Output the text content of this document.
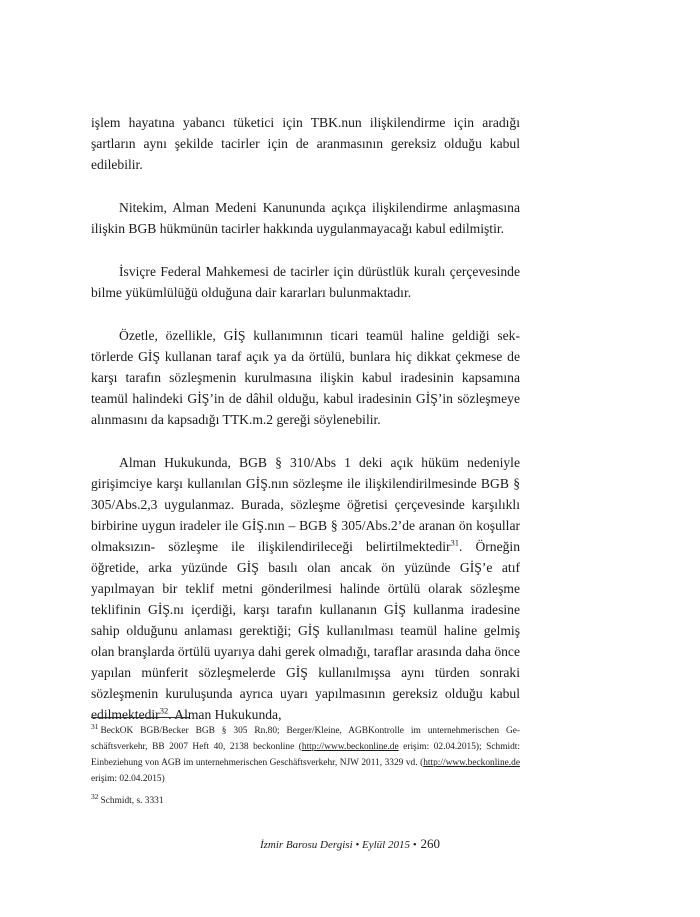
işlem hayatına yabancı tüketici için TBK.nun ilişkilendirme için aradığı şartların aynı şekilde tacirler için de aranmasının gereksiz olduğu kabul edilebilir.

Nitekim, Alman Medeni Kanununda açıkça ilişkilendirme anlaşmasına ilişkin BGB hükmünün tacirler hakkında uygulanmayacağı kabul edilmiştir.

İsviçre Federal Mahkemesi de tacirler için dürüstlük kuralı çerçevesinde bilme yükümlülüğü olduğuna dair kararları bulunmaktadır.

Özetle, özellikle, GİŞ kullanımının ticari teamül haline geldiği sektörlerde GİŞ kullanan taraf açık ya da örtülü, bunlara hiç dikkat çekmese de karşı tarafın sözleşmenin kurulmasına ilişkin kabul iradesinin kapsamına teamül halindeki GİŞ’in de dâhil olduğu, kabul iradesinin GİŞ’in sözleşmeye alınmasını da kapsadığı TTK.m.2 gereği söylenebilir.

Alman Hukukunda, BGB § 310/Abs 1 deki açık hüküm nedeniyle girişimciye karşı kullanılan GİŞ.nın sözleşme ile ilişkilendirilmesinde BGB § 305/Abs.2,3 uygulanmaz. Burada, sözleşme öğretisi çerçevesinde karşılıklı birbirine uygun iradeler ile GİŞ.nın – BGB § 305/Abs.2’de aranan ön koşullar olmaksızın- sözleşme ile ilişkilendirileceği belirtilmektedir$^{31}$. Örneğin öğretide, arka yüzünde GİŞ basılı olan ancak ön yüzünde GİŞ’e atıf yapılmayan bir teklif metni gönderilmesi halinde örtülü olarak sözleşme teklifinin GİŞ.nı içerdiği, karşı tarafın kullananın GİŞ kullanma iradesine sahip olduğunu anlaması gerektiği; GİŞ kullanılması teamül haline gelmiş olan branşlarda örtülü uyarıya dahi gerek olmadığı, taraflar arasında daha önce yapılan münferit sözleşmelerde GİŞ kullanılmışsa aynı türden sonraki sözleşmenin kuruluşunda ayrıca uyarı yapılmasının gereksiz olduğu kabul edilmektedir$^{32}$. Alman Hukukunda,

$^{31}$ BeckOK BGB/Becker BGB § 305 Rn.80; Berger/Kleine, AGBKontrolle im unternehmerischen Geschäftsverkehr, BB 2007 Heft 40, 2138 beckonline (http://www.beckonline.de erişim: 02.04.2015); Schmidt: Einbeziehung von AGB im unternehmerischen Geschäftsverkehr, NJW 2011, 3329 vd. (http://www.beckonline.de erişim: 02.04.2015)

$^{32}$ Schmidt, s. 3331

İzmir Barosu Dergisi • Eylül 2015 • 260
